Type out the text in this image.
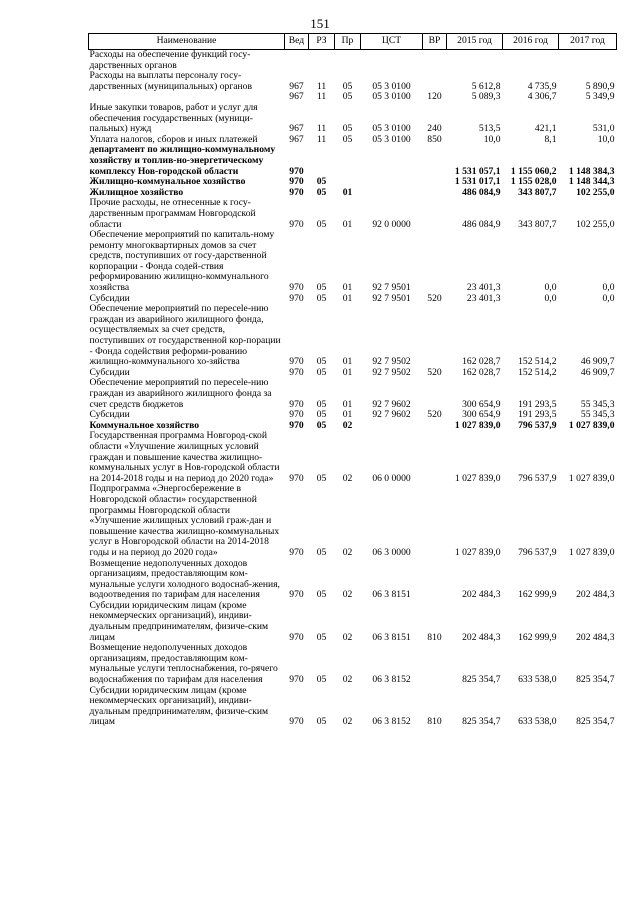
151
Наименование	Вед	РЗ	Пр	ЦСТ	ВР	2015 год	2016 год	2017 год
Расходы на обеспечение функций госу-дарственных органов								
Расходы на выплаты персоналу госу-дарственных (муниципальных) органов	967	11	05	05 3 0100		5 612,8	4 735,9	5 890,9
	967	11	05	05 3 0100	120	5 089,3	4 306,7	5 349,9
Иные закупки товаров, работ и услуг для обеспечения государственных (муници-пальных) нужд	967	11	05	05 3 0100	240	513,5	421,1	531,0
Уплата налогов, сборов и иных платежей	967	11	05	05 3 0100	850	10,0	8,1	10,0
департамент по жилищно-коммунальному хозяйству и топлив-но-энергетическому комплексу Нов-городской области	970					1 531 057,1	1 155 060,2	1 148 384,3
Жилищно-коммунальное хозяйство	970	05				1 531 017,1	1 155 028,0	1 148 344,3
Жилищное хозяйство	970	05	01			486 084,9	343 807,7	102 255,0
Прочие расходы, не отнесенные к госу-дарственным программам Новгородской области	970	05	01	92 0 0000		486 084,9	343 807,7	102 255,0
Обеспечение мероприятий по капиталь-ному ремонту многоквартирных домов за счет средств, поступивших от госу-дарственной корпорации - Фонда содей-ствия реформированию жилищно-коммунального хозяйства	970	05	01	92 7 9501		23 401,3	0,0	0,0
Субсидии	970	05	01	92 7 9501	520	23 401,3	0,0	0,0
Обеспечение мероприятий по пересele-нию граждан из аварийного жилищного фонда, осуществляемых за счет средств, поступивших от государственной кор-порации - Фонда содействия реформи-рованию жилищно-коммунального хо-зяйства	970	05	01	92 7 9502		162 028,7	152 514,2	46 909,7
Субсидии	970	05	01	92 7 9502	520	162 028,7	152 514,2	46 909,7
Обеспечение мероприятий по пересele-нию граждан из аварийного жилищного фонда за счет средств бюджетов	970	05	01	92 7 9602		300 654,9	191 293,5	55 345,3
Субсидии	970	05	01	92 7 9602	520	300 654,9	191 293,5	55 345,3
Коммунальное хозяйство	970	05	02			1 027 839,0	796 537,9	1 027 839,0
Государственная программа Новгород-ской области «Улучшение жилищных условий граждан и повышение качества жилищно-коммунальных услуг в Нов-городской области на 2014-2018 годы и на период до 2020 года»	970	05	02	06 0 0000		1 027 839,0	796 537,9	1 027 839,0
Подпрограмма «Энергосбережение в Новгородской области» государственной программы Новгородской области «Улучшение жилищных условий граж-дан и повышение качества жилищно-коммунальных услуг в Новгородской области на 2014-2018 годы и на период до 2020 года»	970	05	02	06 3 0000		1 027 839,0	796 537,9	1 027 839,0
Возмещение недополученных доходов организациям, предоставляющим ком-мунальные услуги холодного водоснаб-жения, водоотведения по тарифам для населения	970	05	02	06 3 8151		202 484,3	162 999,9	202 484,3
Субсидии юридическим лицам (кроме некоммерческих организаций), индиви-дуальным предпринимателям, физиче-ским лицам	970	05	02	06 3 8151	810	202 484,3	162 999,9	202 484,3
Возмещение недополученных доходов организациям, предоставляющим ком-мунальные услуги теплоснабжения, го-рячего водоснабжения по тарифам для населения	970	05	02	06 3 8152		825 354,7	633 538,0	825 354,7
Субсидии юридическим лицам (кроме некоммерческих организаций), индиви-дуальным предпринимателям, физиче-ским лицам	970	05	02	06 3 8152	810	825 354,7	633 538,0	825 354,7
